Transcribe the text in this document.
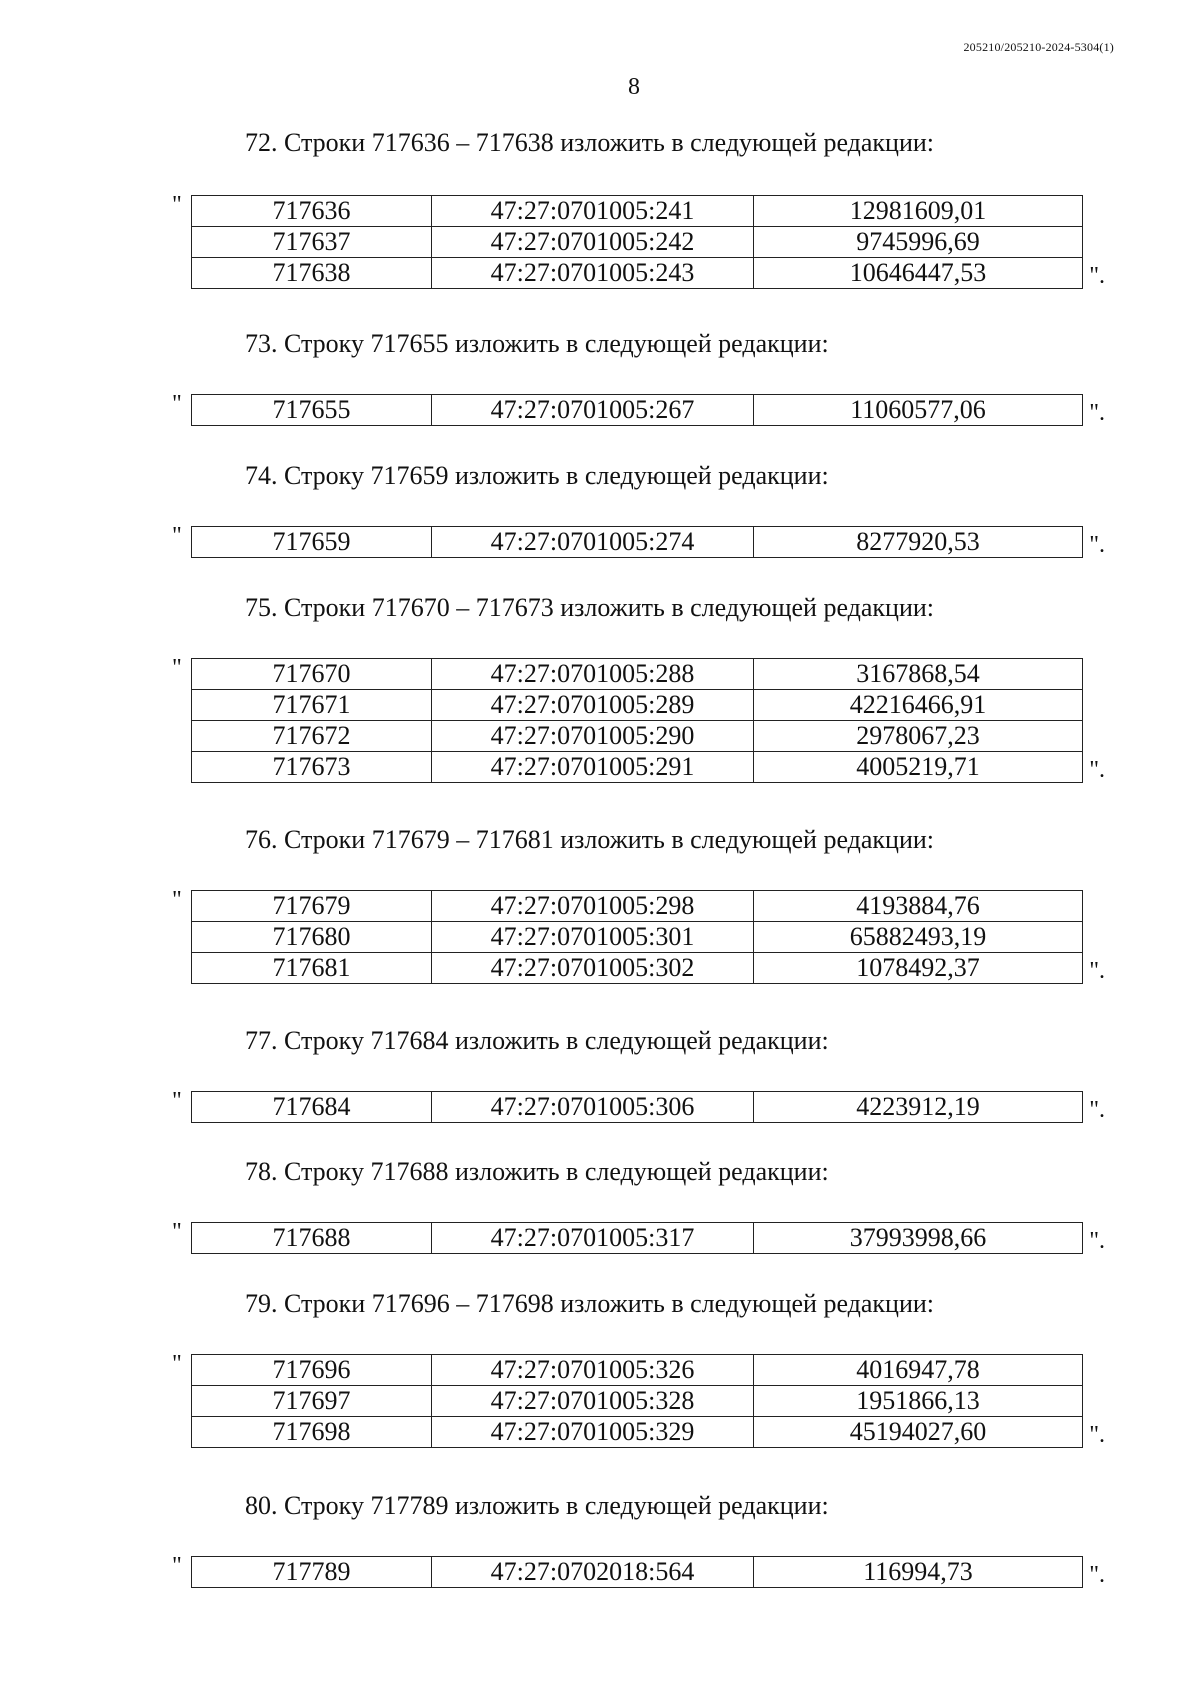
205210/205210-2024-5304(1)
8
72. Строки 717636 – 717638 изложить в следующей редакции:
"	717636	47:27:0701005:241	12981609,01
717637	47:27:0701005:242	9745996,69
717638	47:27:0701005:243	10646447,53	".
73. Строку 717655 изложить в следующей редакции:
"	717655	47:27:0701005:267	11060577,06	".
74. Строку 717659 изложить в следующей редакции:
"	717659	47:27:0701005:274	8277920,53	".
75. Строки 717670 – 717673 изложить в следующей редакции:
"	717670	47:27:0701005:288	3167868,54
717671	47:27:0701005:289	42216466,91
717672	47:27:0701005:290	2978067,23
717673	47:27:0701005:291	4005219,71	".
76. Строки 717679 – 717681 изложить в следующей редакции:
"	717679	47:27:0701005:298	4193884,76
717680	47:27:0701005:301	65882493,19
717681	47:27:0701005:302	1078492,37	".
77. Строку 717684 изложить в следующей редакции:
"	717684	47:27:0701005:306	4223912,19	".
78. Строку 717688 изложить в следующей редакции:
"	717688	47:27:0701005:317	37993998,66	".
79. Строки 717696 – 717698 изложить в следующей редакции:
"	717696	47:27:0701005:326	4016947,78
717697	47:27:0701005:328	1951866,13
717698	47:27:0701005:329	45194027,60	".
80. Строку 717789 изложить в следующей редакции:
"	717789	47:27:0702018:564	116994,73	".
